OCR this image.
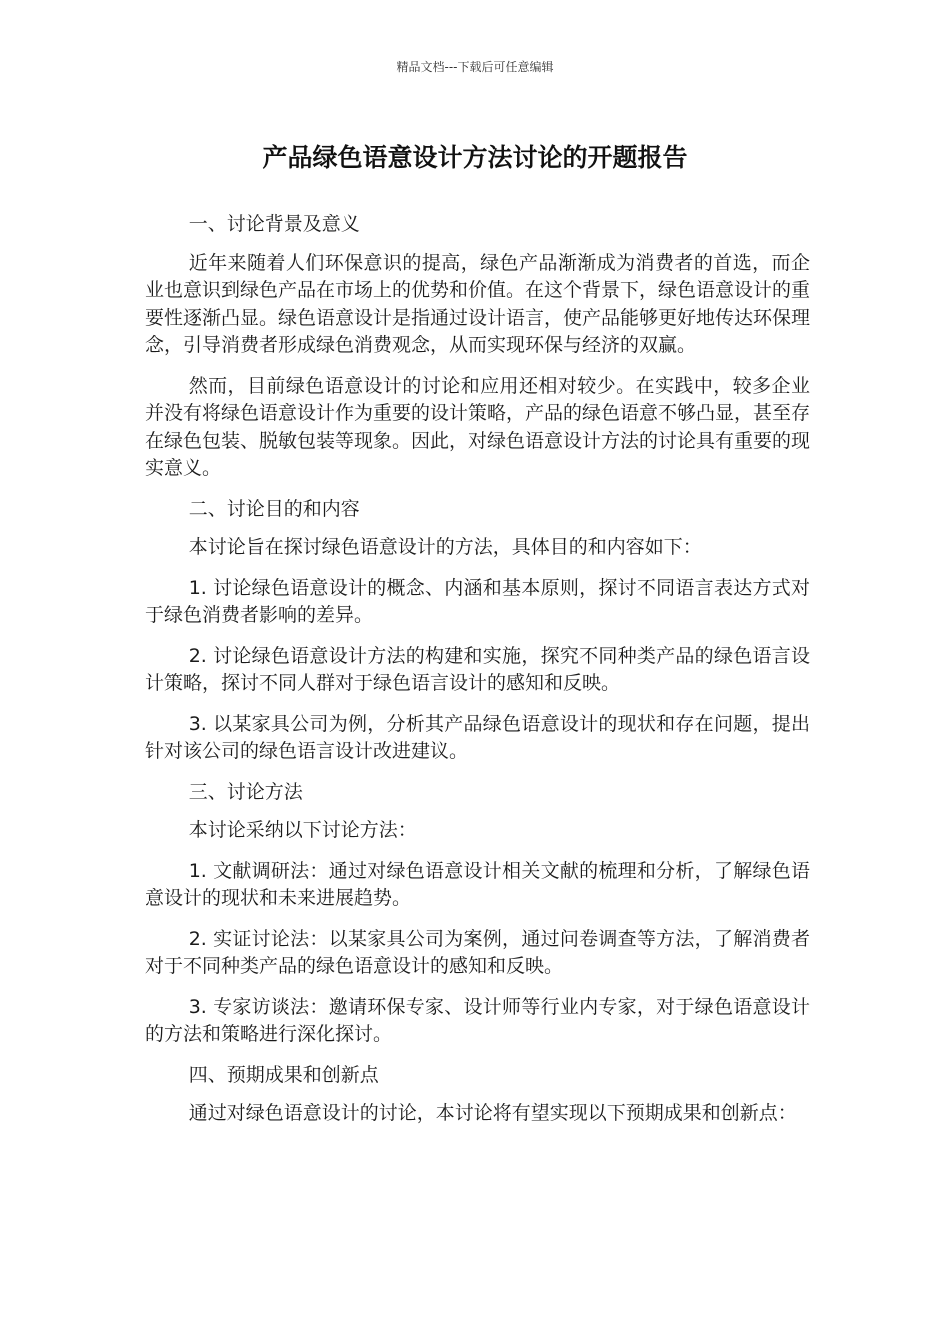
精品文档---下载后可任意编辑
产品绿色语意设计方法讨论的开题报告

一、讨论背景及意义

近年来随着人们环保意识的提高，绿色产品渐渐成为消费者的首选，而企业也意识到绿色产品在市场上的优势和价值。在这个背景下，绿色语意设计的重要性逐渐凸显。绿色语意设计是指通过设计语言，使产品能够更好地传达环保理念，引导消费者形成绿色消费观念，从而实现环保与经济的双赢。

然而，目前绿色语意设计的讨论和应用还相对较少。在实践中，较多企业并没有将绿色语意设计作为重要的设计策略，产品的绿色语意不够凸显，甚至存在绿色包装、脱敏包装等现象。因此，对绿色语意设计方法的讨论具有重要的现实意义。

二、讨论目的和内容

本讨论旨在探讨绿色语意设计的方法，具体目的和内容如下：

1. 讨论绿色语意设计的概念、内涵和基本原则，探讨不同语言表达方式对于绿色消费者影响的差异。

2. 讨论绿色语意设计方法的构建和实施，探究不同种类产品的绿色语言设计策略，探讨不同人群对于绿色语言设计的感知和反映。

3. 以某家具公司为例，分析其产品绿色语意设计的现状和存在问题，提出针对该公司的绿色语言设计改进建议。

三、讨论方法

本讨论采纳以下讨论方法：

1. 文献调研法：通过对绿色语意设计相关文献的梳理和分析，了解绿色语意设计的现状和未来进展趋势。

2. 实证讨论法：以某家具公司为案例，通过问卷调查等方法，了解消费者对于不同种类产品的绿色语意设计的感知和反映。

3. 专家访谈法：邀请环保专家、设计师等行业内专家，对于绿色语意设计的方法和策略进行深化探讨。

四、预期成果和创新点

通过对绿色语意设计的讨论，本讨论将有望实现以下预期成果和创新点：
